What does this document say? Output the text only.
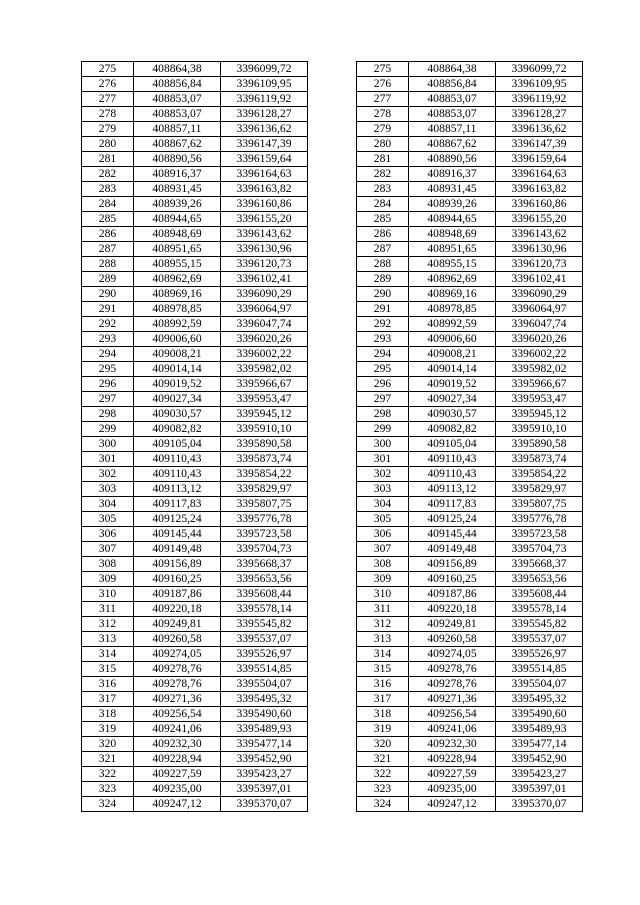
275	408864,38	3396099,72		275	408864,38	3396099,72
276	408856,84	3396109,95		276	408856,84	3396109,95
277	408853,07	3396119,92		277	408853,07	3396119,92
278	408853,07	3396128,27		278	408853,07	3396128,27
279	408857,11	3396136,62		279	408857,11	3396136,62
280	408867,62	3396147,39		280	408867,62	3396147,39
281	408890,56	3396159,64		281	408890,56	3396159,64
282	408916,37	3396164,63		282	408916,37	3396164,63
283	408931,45	3396163,82		283	408931,45	3396163,82
284	408939,26	3396160,86		284	408939,26	3396160,86
285	408944,65	3396155,20		285	408944,65	3396155,20
286	408948,69	3396143,62		286	408948,69	3396143,62
287	408951,65	3396130,96		287	408951,65	3396130,96
288	408955,15	3396120,73		288	408955,15	3396120,73
289	408962,69	3396102,41		289	408962,69	3396102,41
290	408969,16	3396090,29		290	408969,16	3396090,29
291	408978,85	3396064,97		291	408978,85	3396064,97
292	408992,59	3396047,74		292	408992,59	3396047,74
293	409006,60	3396020,26		293	409006,60	3396020,26
294	409008,21	3396002,22		294	409008,21	3396002,22
295	409014,14	3395982,02		295	409014,14	3395982,02
296	409019,52	3395966,67		296	409019,52	3395966,67
297	409027,34	3395953,47		297	409027,34	3395953,47
298	409030,57	3395945,12		298	409030,57	3395945,12
299	409082,82	3395910,10		299	409082,82	3395910,10
300	409105,04	3395890,58		300	409105,04	3395890,58
301	409110,43	3395873,74		301	409110,43	3395873,74
302	409110,43	3395854,22		302	409110,43	3395854,22
303	409113,12	3395829,97		303	409113,12	3395829,97
304	409117,83	3395807,75		304	409117,83	3395807,75
305	409125,24	3395776,78		305	409125,24	3395776,78
306	409145,44	3395723,58		306	409145,44	3395723,58
307	409149,48	3395704,73		307	409149,48	3395704,73
308	409156,89	3395668,37		308	409156,89	3395668,37
309	409160,25	3395653,56		309	409160,25	3395653,56
310	409187,86	3395608,44		310	409187,86	3395608,44
311	409220,18	3395578,14		311	409220,18	3395578,14
312	409249,81	3395545,82		312	409249,81	3395545,82
313	409260,58	3395537,07		313	409260,58	3395537,07
314	409274,05	3395526,97		314	409274,05	3395526,97
315	409278,76	3395514,85		315	409278,76	3395514,85
316	409278,76	3395504,07		316	409278,76	3395504,07
317	409271,36	3395495,32		317	409271,36	3395495,32
318	409256,54	3395490,60		318	409256,54	3395490,60
319	409241,06	3395489,93		319	409241,06	3395489,93
320	409232,30	3395477,14		320	409232,30	3395477,14
321	409228,94	3395452,90		321	409228,94	3395452,90
322	409227,59	3395423,27		322	409227,59	3395423,27
323	409235,00	3395397,01		323	409235,00	3395397,01
324	409247,12	3395370,07		324	409247,12	3395370,07
